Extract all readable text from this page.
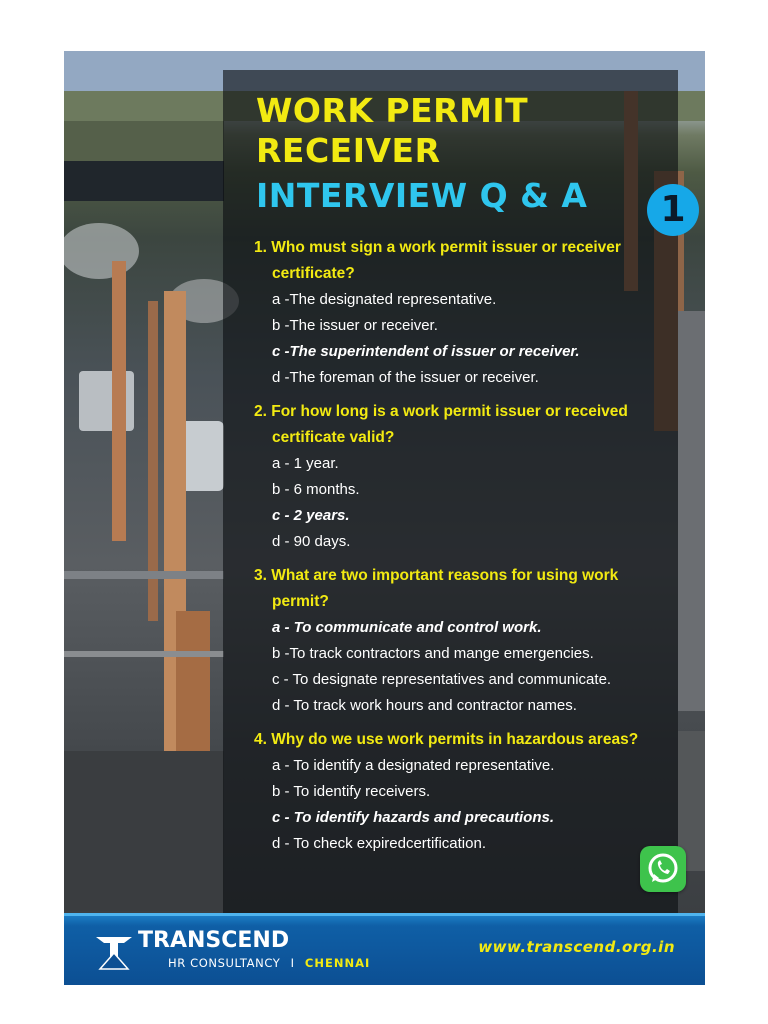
WORK PERMIT
RECEIVER
INTERVIEW Q & A	1

1. Who must sign a work permit issuer or receiver certificate?

a -The designated representative.
b -The issuer or receiver.
c -The superintendent of issuer or receiver.
d -The foreman of the issuer or receiver.

2. For how long is a work permit issuer or received certificate valid?

a - 1 year.
b - 6 months.
c - 2 years.
d - 90 days.

3. What are two important reasons for using work permit?

a - To communicate and control work.
b -To track contractors and mange emergencies.
c - To designate representatives and communicate.
d - To track work hours and contractor names.

4. Why do we use work permits in hazardous areas?

a - To identify a designated representative.
b - To identify receivers.
c - To identify hazards and precautions.
d - To check expiredcertification.

TRANSCEND

HR CONSULTANCY I CHENNAI
www.transcend.org.in
